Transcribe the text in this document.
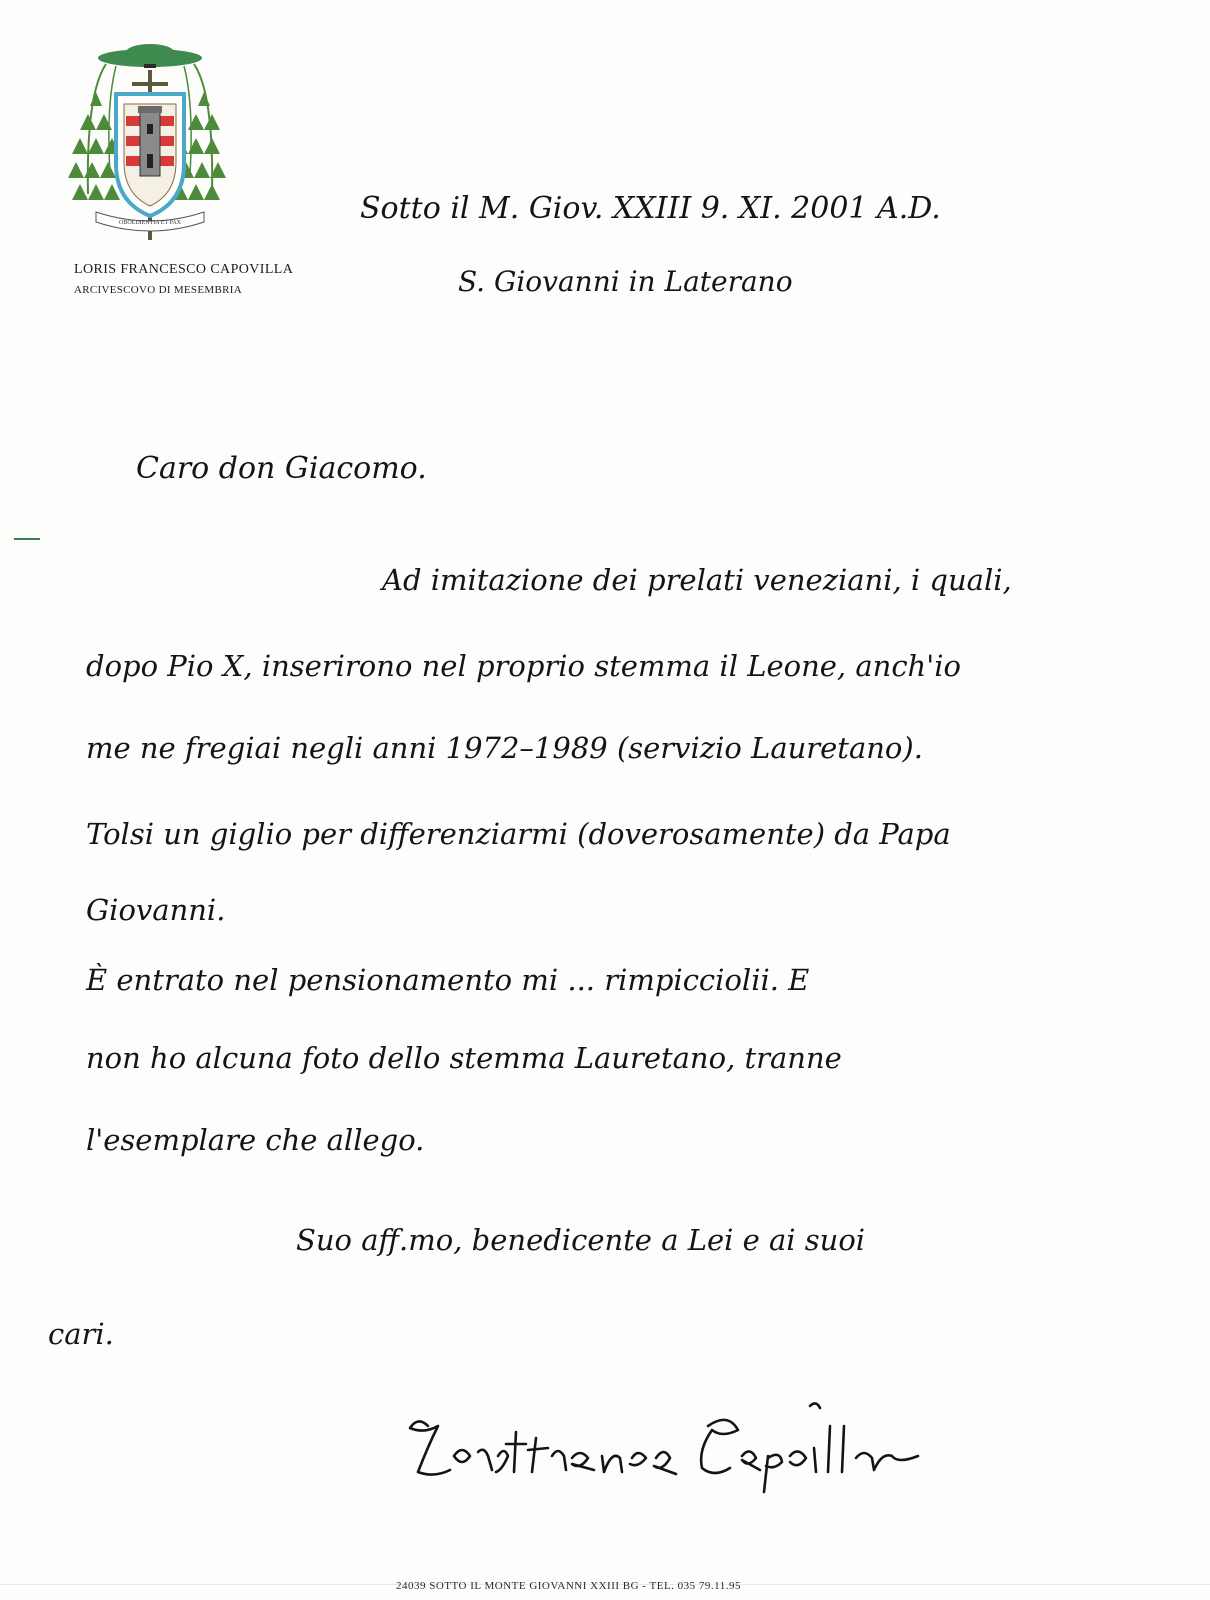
OBOEDIENTIA ET PAX
LORIS FRANCESCO CAPOVILLA
ARCIVESCOVO DI MESEMBRIA
Sotto il M. Giov. XXIII 9. XI. 2001 A.D.
S. Giovanni in Laterano
Caro don Giacomo.
Ad imitazione dei prelati veneziani, i quali,
dopo Pio X, inserirono nel proprio stemma il Leone, anch'io
me ne fregiai negli anni 1972–1989 (servizio Lauretano).
Tolsi un giglio per differenziarmi (doverosamente) da Papa
Giovanni.
È entrato nel pensionamento mi ... rimpicciolii. E
non ho alcuna foto dello stemma Lauretano, tranne
l'esemplare che allego.
Suo aff.mo, benedicente a Lei e ai suoi
cari.
24039 SOTTO IL MONTE GIOVANNI XXIII BG - TEL. 035 79.11.95
